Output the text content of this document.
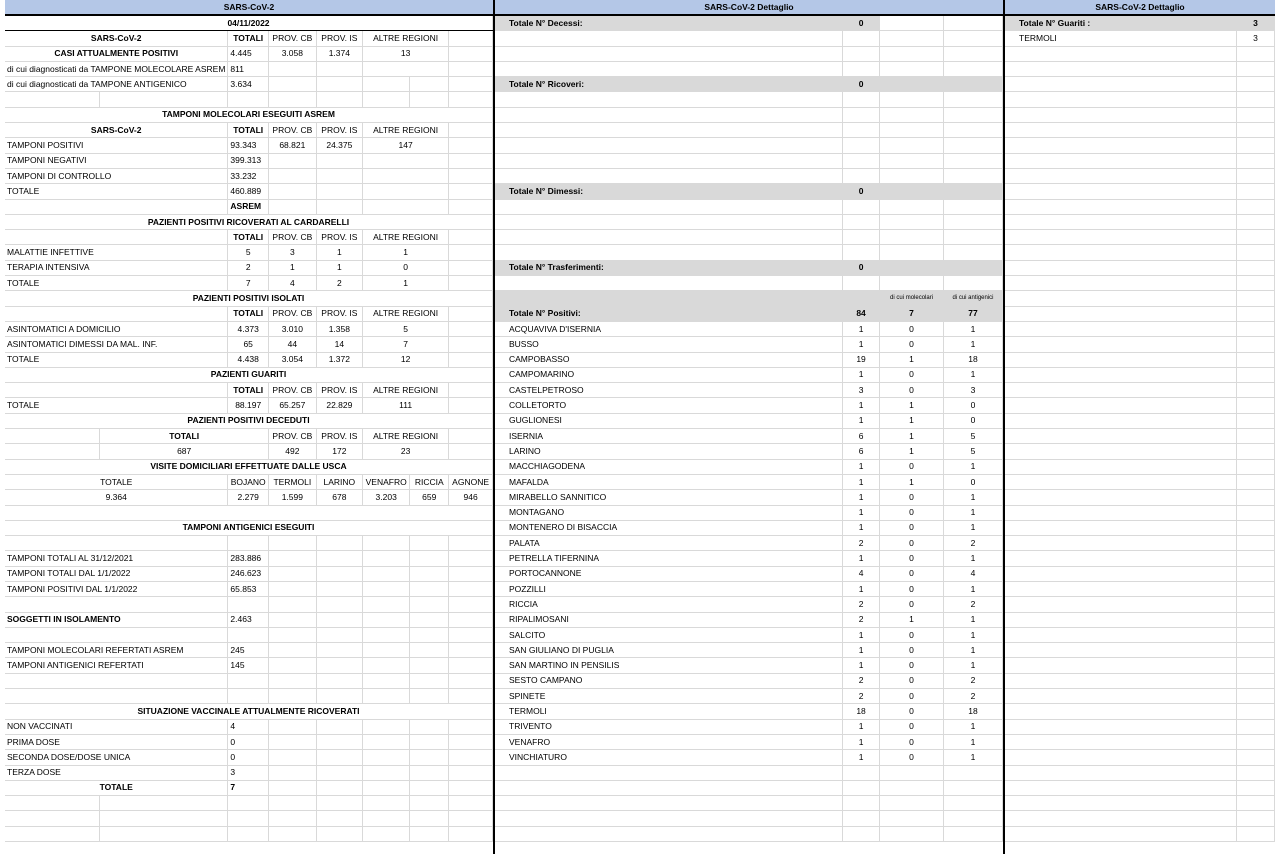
SARS-CoV-2
04/11/2022							
SARS-CoV-2		TOTALI	PROV. CB	PROV. IS	ALTRE REGIONI		
CASI ATTUALMENTE POSITIVI		4.445	3.058	1.374	13		
di cui diagnosticati da TAMPONE MOLECOLARE ASREM		811					
di cui diagnosticati da TAMPONE ANTIGENICO		3.634					

TAMPONI MOLECOLARI ESEGUITI ASREM							
SARS-CoV-2		TOTALI	PROV. CB	PROV. IS	ALTRE REGIONI		
TAMPONI POSITIVI		93.343	68.821	24.375	147		
TAMPONI NEGATIVI		399.313					
TAMPONI DI CONTROLLO		33.232					
TOTALE		460.889					
		ASREM					
PAZIENTI POSITIVI RICOVERATI AL CARDARELLI							
		TOTALI	PROV. CB	PROV. IS	ALTRE REGIONI		
MALATTIE INFETTIVE		5	3	1	1		
TERAPIA INTENSIVA		2	1	1	0		
TOTALE		7	4	2	1		
PAZIENTI POSITIVI ISOLATI							
		TOTALI	PROV. CB	PROV. IS	ALTRE REGIONI		
ASINTOMATICI A DOMICILIO		4.373	3.010	1.358	5		
ASINTOMATICI DIMESSI DA MAL. INF.		65	44	14	7		
TOTALE		4.438	3.054	1.372	12		
PAZIENTI GUARITI							
		TOTALI	PROV. CB	PROV. IS	ALTRE REGIONI		
TOTALE		88.197	65.257	22.829	111		
PAZIENTI POSITIVI DECEDUTI							
	TOTALI		PROV. CB	PROV. IS	ALTRE REGIONI		
	687		492	172	23		
VISITE DOMICILIARI EFFETTUATE DALLE USCA							
TOTALE		BOJANO	TERMOLI	LARINO	VENAFRO	RICCIA	AGNONE
9.364		2.279	1.599	678	3.203	659	946

TAMPONI ANTIGENICI ESEGUITI							

TAMPONI TOTALI AL 31/12/2021		283.886					
TAMPONI TOTALI DAL 1/1/2022		246.623					
TAMPONI POSITIVI DAL 1/1/2022		65.853					

SOGGETTI IN ISOLAMENTO		2.463					

TAMPONI MOLECOLARI REFERTATI ASREM		245					
TAMPONI ANTIGENICI REFERTATI		145					

SITUAZIONE VACCINALE ATTUALMENTE RICOVERATI							
NON VACCINATI		4					
PRIMA DOSE		0					
SECONDA DOSE/DOSE UNICA		0					
TERZA DOSE		3					
TOTALE		7					

SARS-CoV-2 Dettaglio
Totale N° Decessi:	0		

Totale N° Ricoveri:	0		

Totale N° Dimessi:	0		

Totale N° Trasferimenti:	0		

		di cui molecolari	di cui antigenici
Totale N° Positivi:	84	7	77
ACQUAVIVA D'ISERNIA	1	0	1
BUSSO	1	0	1
CAMPOBASSO	19	1	18
CAMPOMARINO	1	0	1
CASTELPETROSO	3	0	3
COLLETORTO	1	1	0
GUGLIONESI	1	1	0
ISERNIA	6	1	5
LARINO	6	1	5
MACCHIAGODENA	1	0	1
MAFALDA	1	1	0
MIRABELLO SANNITICO	1	0	1
MONTAGANO	1	0	1
MONTENERO DI BISACCIA	1	0	1
PALATA	2	0	2
PETRELLA TIFERNINA	1	0	1
PORTOCANNONE	4	0	4
POZZILLI	1	0	1
RICCIA	2	0	2
RIPALIMOSANI	2	1	1
SALCITO	1	0	1
SAN GIULIANO DI PUGLIA	1	0	1
SAN MARTINO IN PENSILIS	1	0	1
SESTO CAMPANO	2	0	2
SPINETE	2	0	2
TERMOLI	18	0	18
TRIVENTO	1	0	1
VENAFRO	1	0	1
VINCHIATURO	1	0	1

SARS-CoV-2 Dettaglio
Totale N° Guariti :	3
TERMOLI	3
